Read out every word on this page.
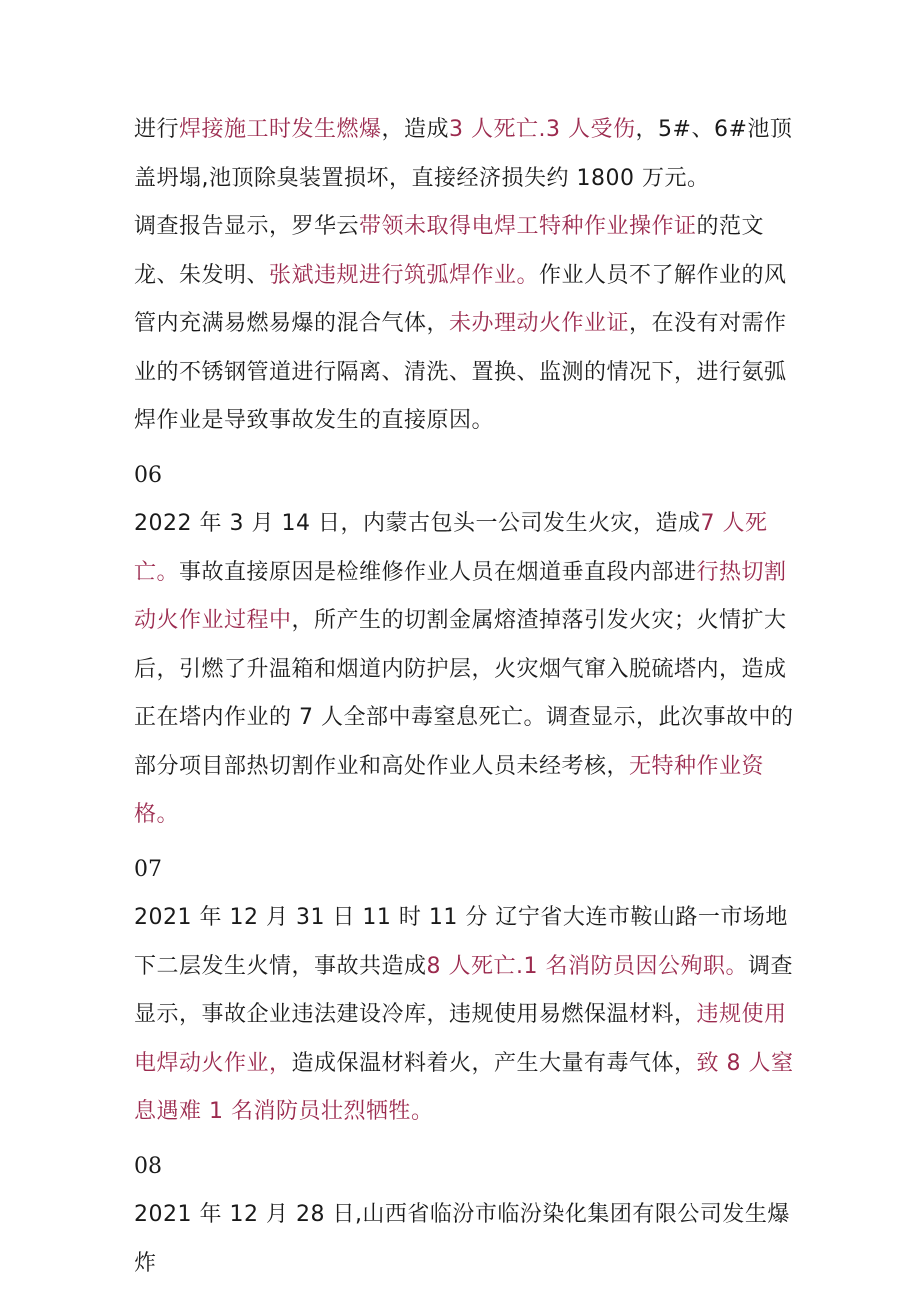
进行焊接施工时发生燃爆，造成3 人死亡.3 人受伤，5#、6#池顶盖坍塌,池顶除臭装置损坏，直接经济损失约 1800 万元。

调查报告显示，罗华云带领未取得电焊工特种作业操作证的范文龙、朱发明、张斌违规进行筑弧焊作业。作业人员不了解作业的风管内充满易燃易爆的混合气体，未办理动火作业证，在没有对需作业的不锈钢管道进行隔离、清洗、置换、监测的情况下，进行氨弧焊作业是导致事故发生的直接原因。

06

2022 年 3 月 14 日，内蒙古包头一公司发生火灾，造成7 人死亡。事故直接原因是检维修作业人员在烟道垂直段内部进行热切割动火作业过程中，所产生的切割金属熔渣掉落引发火灾；火情扩大后，引燃了升温箱和烟道内防护层，火灾烟气窜入脱硫塔内，造成正在塔内作业的 7 人全部中毒窒息死亡。调查显示，此次事故中的部分项目部热切割作业和高处作业人员未经考核，无特种作业资格。

07

2021 年 12 月 31 日 11 时 11 分 辽宁省大连市鞍山路一市场地下二层发生火情，事故共造成8 人死亡.1 名消防员因公殉职。调查显示，事故企业违法建设冷库，违规使用易燃保温材料，违规使用电焊动火作业，造成保温材料着火，产生大量有毒气体，致 8 人窒息遇难 1 名消防员壮烈牺牲。

08

2021 年 12 月 28 日,山西省临汾市临汾染化集团有限公司发生爆炸
